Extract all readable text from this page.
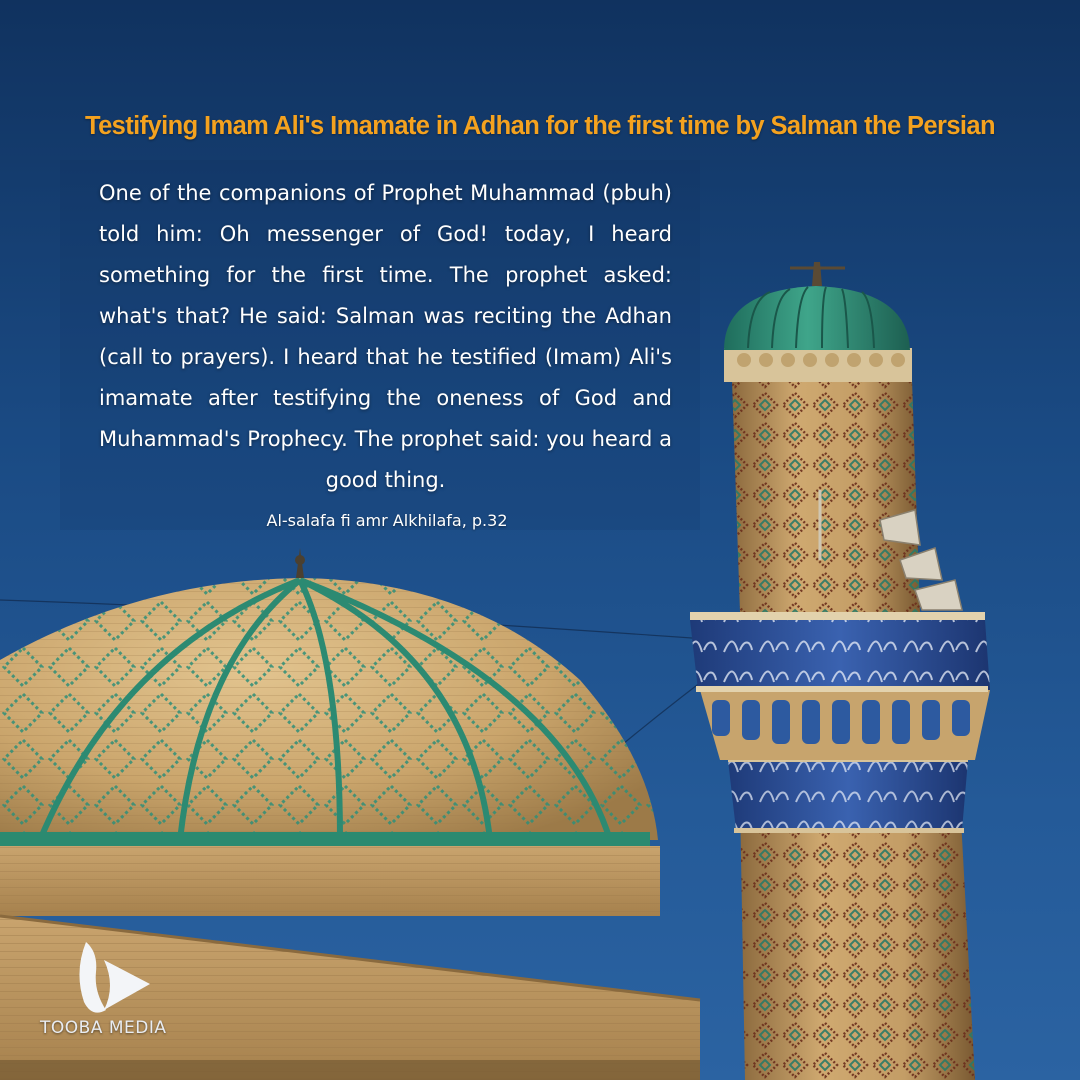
Testifying Imam Ali's Imamate in Adhan for the first time by Salman the Persian

One of the companions of Prophet Muhammad (pbuh) told him: Oh messenger of God! today, I heard something for the first time. The prophet asked: what's that? He said: Salman was reciting the Adhan (call to prayers). I heard that he testified (Imam) Ali's imamate after testifying the oneness of God and Muhammad's Prophecy. The prophet said: you heard a good thing.

Al-salafa fi amr Alkhilafa, p.32
TOOBA MEDIA
